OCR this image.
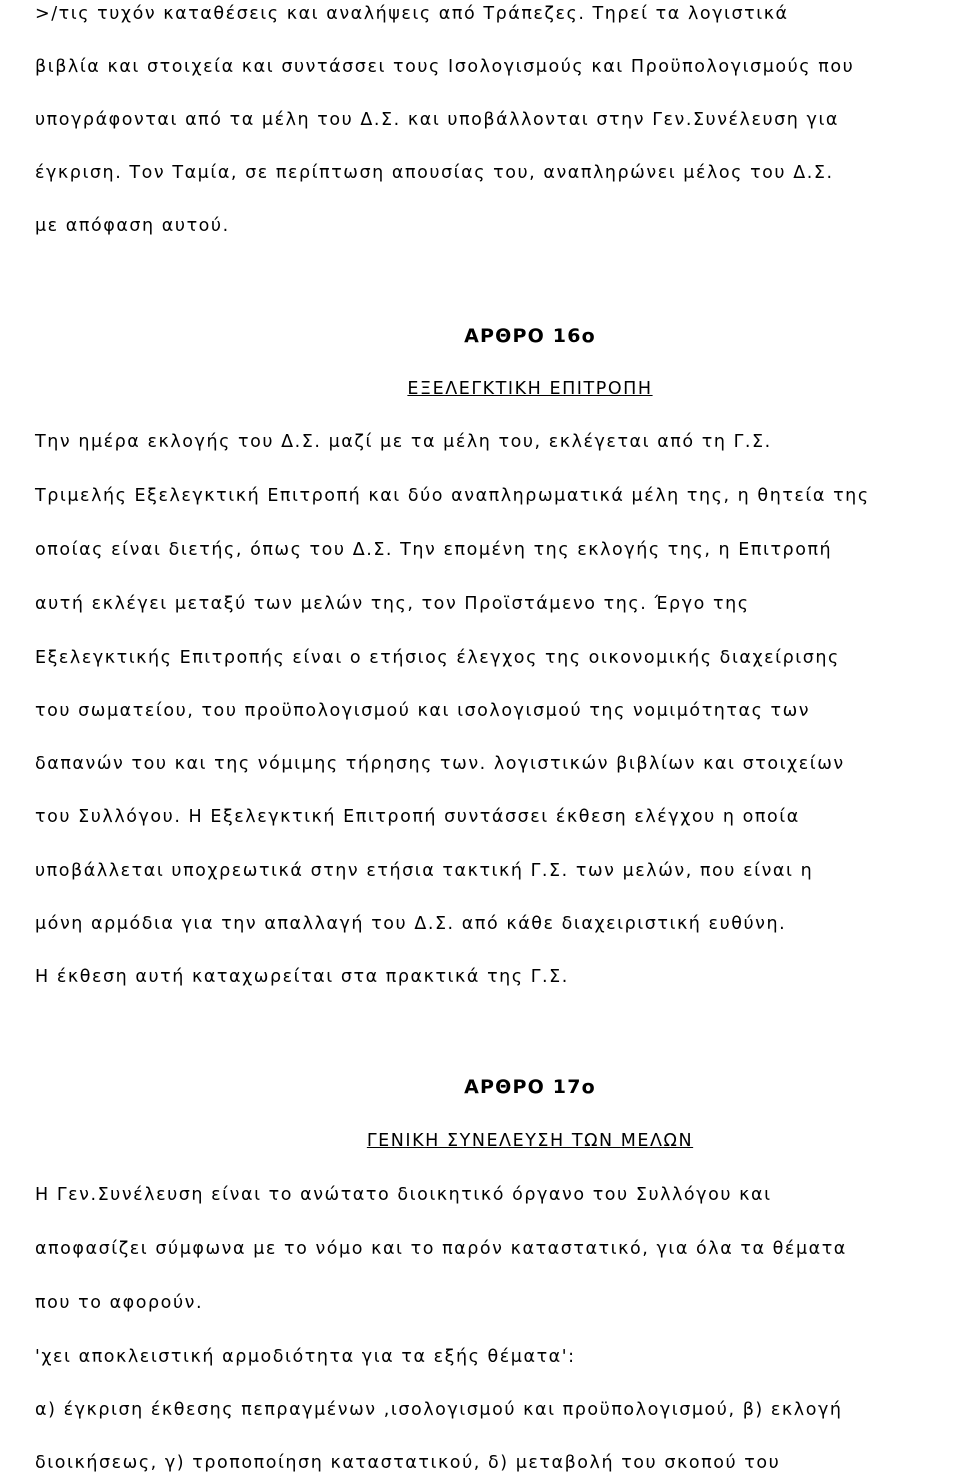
>/τις τυχόν καταθέσεις και αναλήψεις από Τράπεζες. Τηρεί τα λογιστικά
βιβλία και στοιχεία και συντάσσει τους Ισολογισμούς και Προϋπολογισμούς που
υπογράφονται από τα μέλη του Δ.Σ. και υποβάλλονται στην Γεν.Συνέλευση για
έγκριση. Τον Ταμία, σε περίπτωση απουσίας του, αναπληρώνει μέλος του Δ.Σ.
με απόφαση αυτού.
ΑΡΘΡΟ 16ο
ΕΞΕΛΕΓΚΤΙΚΗ ΕΠΙΤΡΟΠΗ
Την ημέρα εκλογής του Δ.Σ. μαζί με τα μέλη του, εκλέγεται από τη Γ.Σ.
Τριμελής Εξελεγκτική Επιτροπή και δύο αναπληρωματικά μέλη της, η θητεία της
οποίας είναι διετής, όπως του Δ.Σ. Την επομένη της εκλογής της, η Επιτροπή
αυτή εκλέγει μεταξύ των μελών της, τον Προϊστάμενο της. Έργο της
Εξελεγκτικής Επιτροπής είναι ο ετήσιος έλεγχος της οικονομικής διαχείρισης
του σωματείου, του προϋπολογισμού και ισολογισμού της νομιμότητας των
δαπανών του και της νόμιμης τήρησης των. λογιστικών βιβλίων και στοιχείων
του Συλλόγου. Η Εξελεγκτική Επιτροπή συντάσσει έκθεση ελέγχου η οποία
υποβάλλεται υποχρεωτικά στην ετήσια τακτική Γ.Σ. των μελών, που είναι η
μόνη αρμόδια για την απαλλαγή του Δ.Σ. από κάθε διαχειριστική ευθύνη.
Η έκθεση αυτή καταχωρείται στα πρακτικά της Γ.Σ.
ΑΡΘΡΟ 17ο
ΓΕΝΙΚΗ ΣΥΝΕΛΕΥΣΗ ΤΩΝ ΜΕΛΩΝ
Η Γεν.Συνέλευση είναι το ανώτατο διοικητικό όργανο του Συλλόγου και
αποφασίζει σύμφωνα με το νόμο και το παρόν καταστατικό, για όλα τα θέματα
που το αφορούν.
'χει αποκλειστική αρμοδιότητα για τα εξής θέματα':
α) έγκριση έκθεσης πεπραγμένων ,ισολογισμού και προϋπολογισμού, β) εκλογή
διοικήσεως, γ) τροποποίηση καταστατικού, δ) μεταβολή του σκοπού του
